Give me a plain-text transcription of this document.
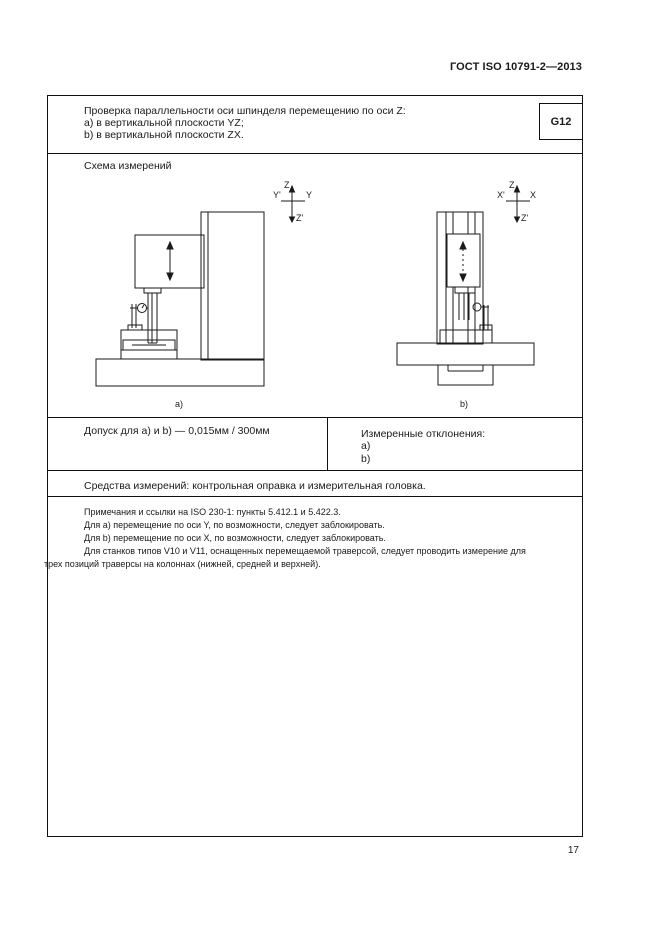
ГОСТ ISO 10791-2—2013
Проверка параллельности оси шпинделя перемещению по оси Z:
a) в вертикальной плоскости YZ;
b) в вертикальной плоскости ZX.
G12
Схема измерений
Z
Y'	Y
Z'
Z
X'	X
Z'
a)	b)
Допуск для a) и b) — 0,015мм / 300мм	Измеренные отклонения:
a)
b)
Средства измерений: контрольная оправка и измерительная головка.
Примечания и ссылки на ISO 230-1: пункты 5.412.1 и 5.422.3.
Для a) перемещение по оси Y, по возможности, следует заблокировать.
Для b) перемещение по оси X, по возможности, следует заблокировать.
Для станков типов V10 и V11, оснащенных перемещаемой траверсой, следует проводить измерение для
трех позиций траверсы на колоннах (нижней, средней и верхней).
17
